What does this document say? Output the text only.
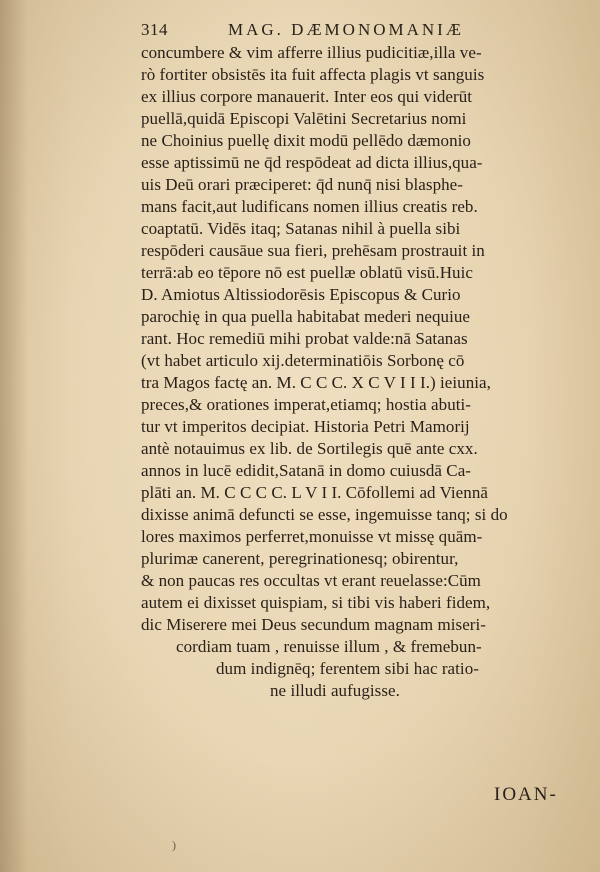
314	MAG. DÆMONOMANIÆ
concumbere & vim afferre illius pudicitiæ,illa ve-
rò fortiter obsistēs ita fuit affecta plagis vt sanguis
ex illius corpore manauerit. Inter eos qui viderūt
puellā,quidā Episcopi Valētini Secretarius nomi
ne Choinius puellę dixit modū pellēdo dæmonio
esse aptissimū ne q̄d respōdeat ad dicta illius,qua-
uis Deū orari præciperet: q̄d nunq̄ nisi blasphe-
mans facit,aut ludificans nomen illius creatis reb.
coaptatū. Vidēs itaq; Satanas nihil à puella sibi
respōderi causāue sua fieri, prehēsam prostrauit in
terrā:ab eo tēpore nō est puellæ oblatū visū.Huic
D. Amiotus Altissiodorēsis Episcopus & Curio
parochię in qua puella habitabat mederi nequiue
rant. Hoc remediū mihi probat valde:nā Satanas
(vt habet articulo xij.determinatiōis Sorbonę cō
tra Magos factę an. M. C C C. X C V I I I.) ieiunia,
preces,& orationes imperat,etiamq; hostia abuti-
tur vt imperitos decipiat. Historia Petri Mamorij
antè notauimus ex lib. de Sortilegis quē ante cxx.
annos in lucē edidit,Satanā in domo cuiusdā Ca-
plāti an. M. C C C C. L V I I. Cōfollemi ad Viennā
dixisse animā defuncti se esse, ingemuisse tanq; si do
lores maximos perferret,monuisse vt missę quām-
plurimæ canerent, peregrinationesq; obirentur,
& non paucas res occultas vt erant reuelasse:Cūm
autem ei dixisset quispiam, si tibi vis haberi fidem,
dic Miserere mei Deus secundum magnam miseri-
cordiam tuam , renuisse illum , & fremebun-
dum indignēq; ferentem sibi hac ratio-
ne illudi aufugisse.
IOAN-
)
